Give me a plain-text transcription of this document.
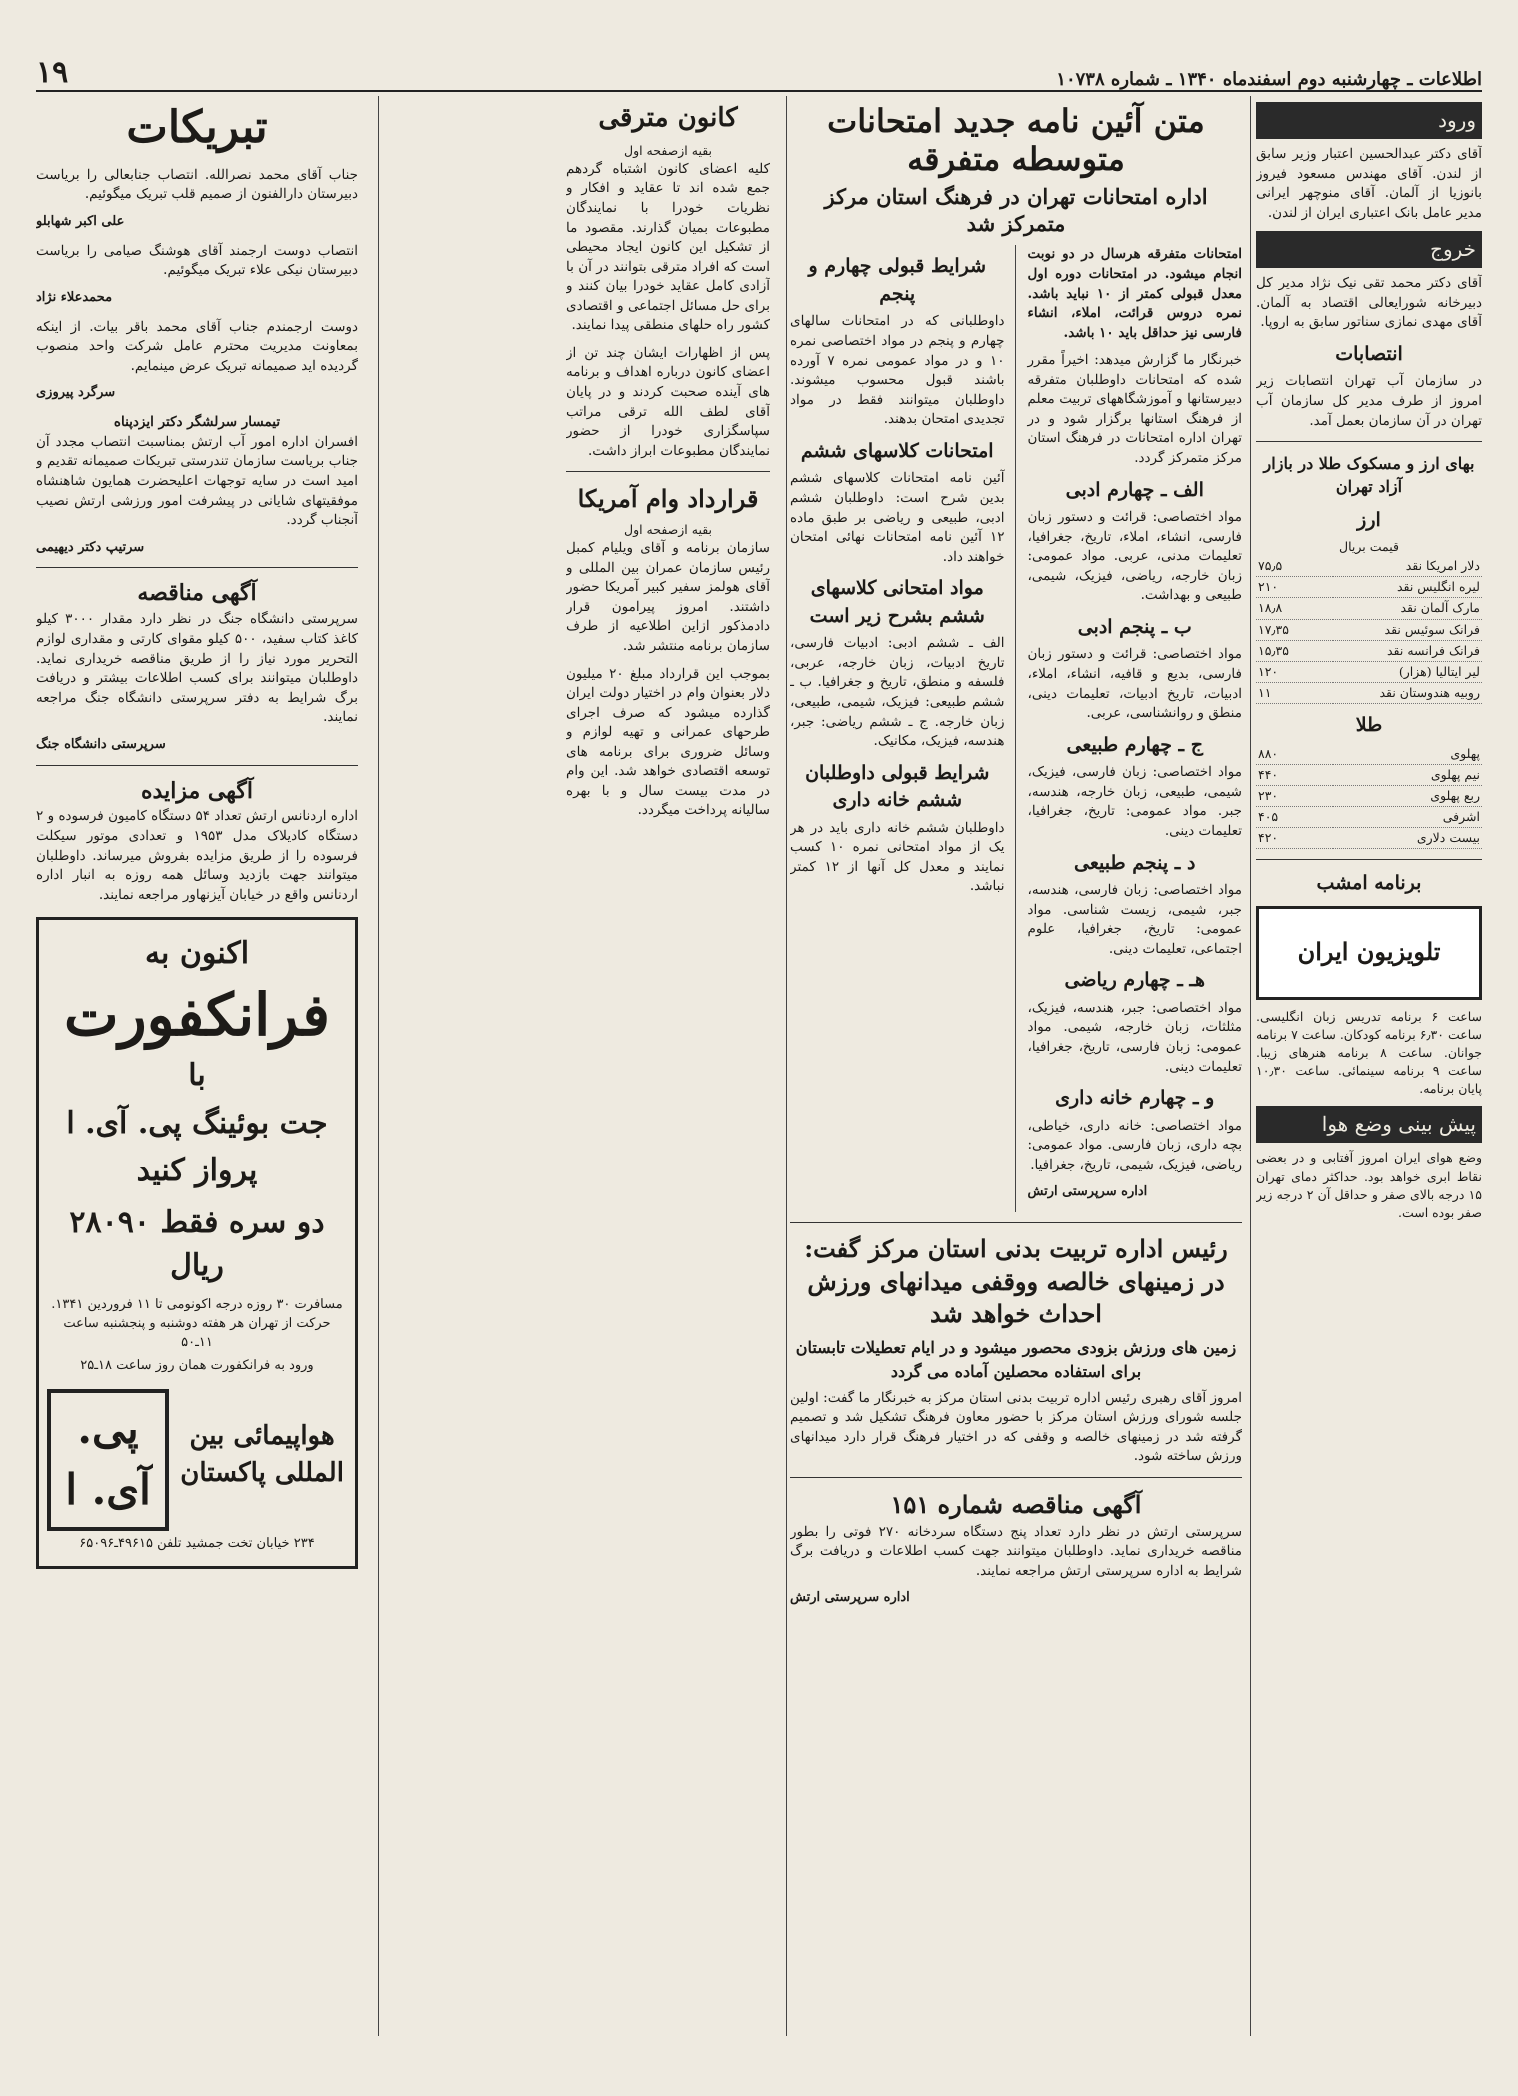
اطلاعات ـ چهارشنبه دوم اسفندماه ۱۳۴۰ ـ شماره ۱۰۷۳۸
۱۹
ورود

آقای دکتر عبدالحسین اعتبار وزیر سابق از لندن. آقای مهندس مسعود فیروز بانوزیا از آلمان. آقای منوچهر ایرانی مدیر عامل بانک اعتباری ایران از لندن.

خروج

آقای دکتر محمد تقی نیک نژاد مدیر کل دبیرخانه شورایعالی اقتصاد به آلمان. آقای مهدی نمازی سناتور سابق به اروپا.

انتصابات

در سازمان آب تهران انتصابات زیر امروز از طرف مدیر کل سازمان آب تهران در آن سازمان بعمل آمد.

بهای ارز و مسکوک طلا در بازار آزاد تهران
ارز
قیمت بریال
دلار امریکا نقد	۷۵٫۵
لیره انگلیس نقد	۲۱۰
مارک آلمان نقد	۱۸٫۸
فرانک سوئیس نقد	۱۷٫۳۵
فرانک فرانسه نقد	۱۵٫۳۵
لیر ایتالیا (هزار)	۱۲۰
روبیه هندوستان نقد	۱۱
طلا
پهلوی	۸۸۰
نیم پهلوی	۴۴۰
ربع پهلوی	۲۳۰
اشرفی	۴۰۵
بیست دلاری	۴۲۰
برنامه امشب
تلویزیون ایران

ساعت ۶ برنامه تدریس زبان انگلیسی. ساعت ۶٫۳۰ برنامه کودکان. ساعت ۷ برنامه جوانان. ساعت ۸ برنامه هنرهای زیبا. ساعت ۹ برنامه سینمائی. ساعت ۱۰٫۳۰ پایان برنامه.

پیش بینی وضع هوا

وضع هوای ایران امروز آفتابی و در بعضی نقاط ابری خواهد بود. حداکثر دمای تهران ۱۵ درجه بالای صفر و حداقل آن ۲ درجه زیر صفر بوده است.

متن آئین نامه جدید امتحانات متوسطه متفرقه
اداره امتحانات تهران در فرهنگ استان مرکز متمرکز شد

امتحانات متفرقه هرسال در دو نوبت انجام میشود. در امتحانات دوره اول معدل قبولی کمتر از ۱۰ نباید باشد. نمره دروس قرائت، املاء، انشاء فارسی نیز حداقل باید ۱۰ باشد.

خبرنگار ما گزارش میدهد: اخیراً مقرر شده که امتحانات داوطلبان متفرقه دبیرستانها و آموزشگاههای تربیت معلم از فرهنگ استانها برگزار شود و در تهران اداره امتحانات در فرهنگ استان مرکز متمرکز گردد.

الف ـ چهارم ادبی

مواد اختصاصی: قرائت و دستور زبان فارسی، انشاء، املاء، تاریخ، جغرافیا، تعلیمات مدنی، عربی. مواد عمومی: زبان خارجه، ریاضی، فیزیک، شیمی، طبیعی و بهداشت.

ب ـ پنجم ادبی

مواد اختصاصی: قرائت و دستور زبان فارسی، بدیع و قافیه، انشاء، املاء، ادبیات، تاریخ ادبیات، تعلیمات دینی، منطق و روانشناسی، عربی.

ج ـ چهارم طبیعی

مواد اختصاصی: زبان فارسی، فیزیک، شیمی، طبیعی، زبان خارجه، هندسه، جبر. مواد عمومی: تاریخ، جغرافیا، تعلیمات دینی.

د ـ پنجم طبیعی

مواد اختصاصی: زبان فارسی، هندسه، جبر، شیمی، زیست شناسی. مواد عمومی: تاریخ، جغرافیا، علوم اجتماعی، تعلیمات دینی.

هـ ـ چهارم ریاضی

مواد اختصاصی: جبر، هندسه، فیزیک، مثلثات، زبان خارجه، شیمی. مواد عمومی: زبان فارسی، تاریخ، جغرافیا، تعلیمات دینی.

و ـ چهارم خانه داری

مواد اختصاصی: خانه داری، خیاطی، بچه داری، زبان فارسی. مواد عمومی: ریاضی، فیزیک، شیمی، تاریخ، جغرافیا.

اداره سرپرستی ارتش
شرایط قبولی چهارم و پنجم

داوطلبانی که در امتحانات سالهای چهارم و پنجم در مواد اختصاصی نمره ۱۰ و در مواد عمومی نمره ۷ آورده باشند قبول محسوب میشوند. داوطلبان میتوانند فقط در مواد تجدیدی امتحان بدهند.

امتحانات کلاسهای ششم

آئین نامه امتحانات کلاسهای ششم بدین شرح است: داوطلبان ششم ادبی، طبیعی و ریاضی بر طبق ماده ۱۲ آئین نامه امتحانات نهائی امتحان خواهند داد.

مواد امتحانی کلاسهای ششم بشرح زیر است

الف ـ ششم ادبی: ادبیات فارسی، تاریخ ادبیات، زبان خارجه، عربی، فلسفه و منطق، تاریخ و جغرافیا. ب ـ ششم طبیعی: فیزیک، شیمی، طبیعی، زبان خارجه. ج ـ ششم ریاضی: جبر، هندسه، فیزیک، مکانیک.

شرایط قبولی داوطلبان ششم خانه داری

داوطلبان ششم خانه داری باید در هر یک از مواد امتحانی نمره ۱۰ کسب نمایند و معدل کل آنها از ۱۲ کمتر نباشد.

رئیس اداره تربیت بدنی استان مرکز گفت: در زمینهای خالصه ووقفی میدانهای ورزش احداث خواهد شد
زمین های ورزش بزودی محصور میشود و در ایام تعطیلات تابستان برای استفاده محصلین آماده می گردد

امروز آقای رهبری رئیس اداره تربیت بدنی استان مرکز به خبرنگار ما گفت: اولین جلسه شورای ورزش استان مرکز با حضور معاون فرهنگ تشکیل شد و تصمیم گرفته شد در زمینهای خالصه و وقفی که در اختیار فرهنگ قرار دارد میدانهای ورزش ساخته شود.

آگهی مناقصه شماره ۱۵۱

سرپرستی ارتش در نظر دارد تعداد پنج دستگاه سردخانه ۲۷۰ فوتی را بطور مناقصه خریداری نماید. داوطلبان میتوانند جهت کسب اطلاعات و دریافت برگ شرایط به اداره سرپرستی ارتش مراجعه نمایند.

اداره سرپرستی ارتش
کانون مترقی
بقیه ازصفحه اول

کلیه اعضای کانون اشتباه گردهم جمع شده اند تا عقاید و افکار و نظریات خودرا با نمایندگان مطبوعات بمیان گذارند. مقصود ما از تشکیل این کانون ایجاد محیطی است که افراد مترقی بتوانند در آن با آزادی کامل عقاید خودرا بیان کنند و برای حل مسائل اجتماعی و اقتصادی کشور راه حلهای منطقی پیدا نمایند.

پس از اظهارات ایشان چند تن از اعضای کانون درباره اهداف و برنامه های آینده صحبت کردند و در پایان آقای لطف الله ترقی مراتب سپاسگزاری خودرا از حضور نمایندگان مطبوعات ابراز داشت.

قرارداد وام آمریکا
بقیه ازصفحه اول

سازمان برنامه و آقای ویلیام کمبل رئیس سازمان عمران بین المللی و آقای هولمز سفیر کبیر آمریکا حضور داشتند. امروز پیرامون قرار دادمذکور ازاین اطلاعیه از طرف سازمان برنامه منتشر شد.

بموجب این قرارداد مبلغ ۲۰ میلیون دلار بعنوان وام در اختیار دولت ایران گذارده میشود که صرف اجرای طرحهای عمرانی و تهیه لوازم و وسائل ضروری برای برنامه های توسعه اقتصادی خواهد شد. این وام در مدت بیست سال و با بهره سالیانه پرداخت میگردد.

تبریکات

جناب آقای محمد نصرالله. انتصاب جنابعالی را بریاست دبیرستان دارالفنون از صمیم قلب تبریک میگوئیم.

علی اکبر شهابلو

انتصاب دوست ارجمند آقای هوشنگ صیامی را بریاست دبیرستان نیکی علاء تبریک میگوئیم.

محمدعلاء نژاد

دوست ارجمندم جناب آقای محمد باقر بیات. از اینکه بمعاونت مدیریت محترم عامل شرکت واحد منصوب گردیده اید صمیمانه تبریک عرض مینمایم.

سرگرد پیروزی
تیمسار سرلشگر دکتر ایزدپناه

افسران اداره امور آب ارتش بمناسبت انتصاب مجدد آن جناب بریاست سازمان تندرستی تبریکات صمیمانه تقدیم و امید است در سایه توجهات اعلیحضرت همایون شاهنشاه موفقیتهای شایانی در پیشرفت امور ورزشی ارتش نصیب آنجناب گردد.

سرتیپ دکتر دیهیمی
آگهی مناقصه

سرپرستی دانشگاه جنگ در نظر دارد مقدار ۳۰۰۰ کیلو کاغذ کتاب سفید، ۵۰۰ کیلو مقوای کارتی و مقداری لوازم التحریر مورد نیاز را از طریق مناقصه خریداری نماید. داوطلبان میتوانند برای کسب اطلاعات بیشتر و دریافت برگ شرایط به دفتر سرپرستی دانشگاه جنگ مراجعه نمایند.

سرپرستی دانشگاه جنگ
آگهی مزایده

اداره اردنانس ارتش تعداد ۵۴ دستگاه کامیون فرسوده و ۲ دستگاه کادیلاک مدل ۱۹۵۳ و تعدادی موتور سیکلت فرسوده را از طریق مزایده بفروش میرساند. داوطلبان میتوانند جهت بازدید وسائل همه روزه به انبار اداره اردنانس واقع در خیابان آیزنهاور مراجعه نمایند.

اکنون به
فرانکفورت
با
جت بوئینگ پی. آی. ا
پرواز کنید
دو سره فقط ۲۸۰۹۰ ریال
مسافرت ۳۰ روزه درجه اکونومی تا ۱۱ فروردین ۱۳۴۱. حرکت از تهران هر هفته دوشنبه و پنجشنبه ساعت ۱۱ـ۵۰
ورود به فرانکفورت همان روز ساعت ۱۸ـ۲۵
هواپیمائی بین المللی پاکستان
پی. آی. ا
۲۳۴ خیابان تخت جمشید تلفن ۴۹۶۱۵ـ۶۵۰۹۶
